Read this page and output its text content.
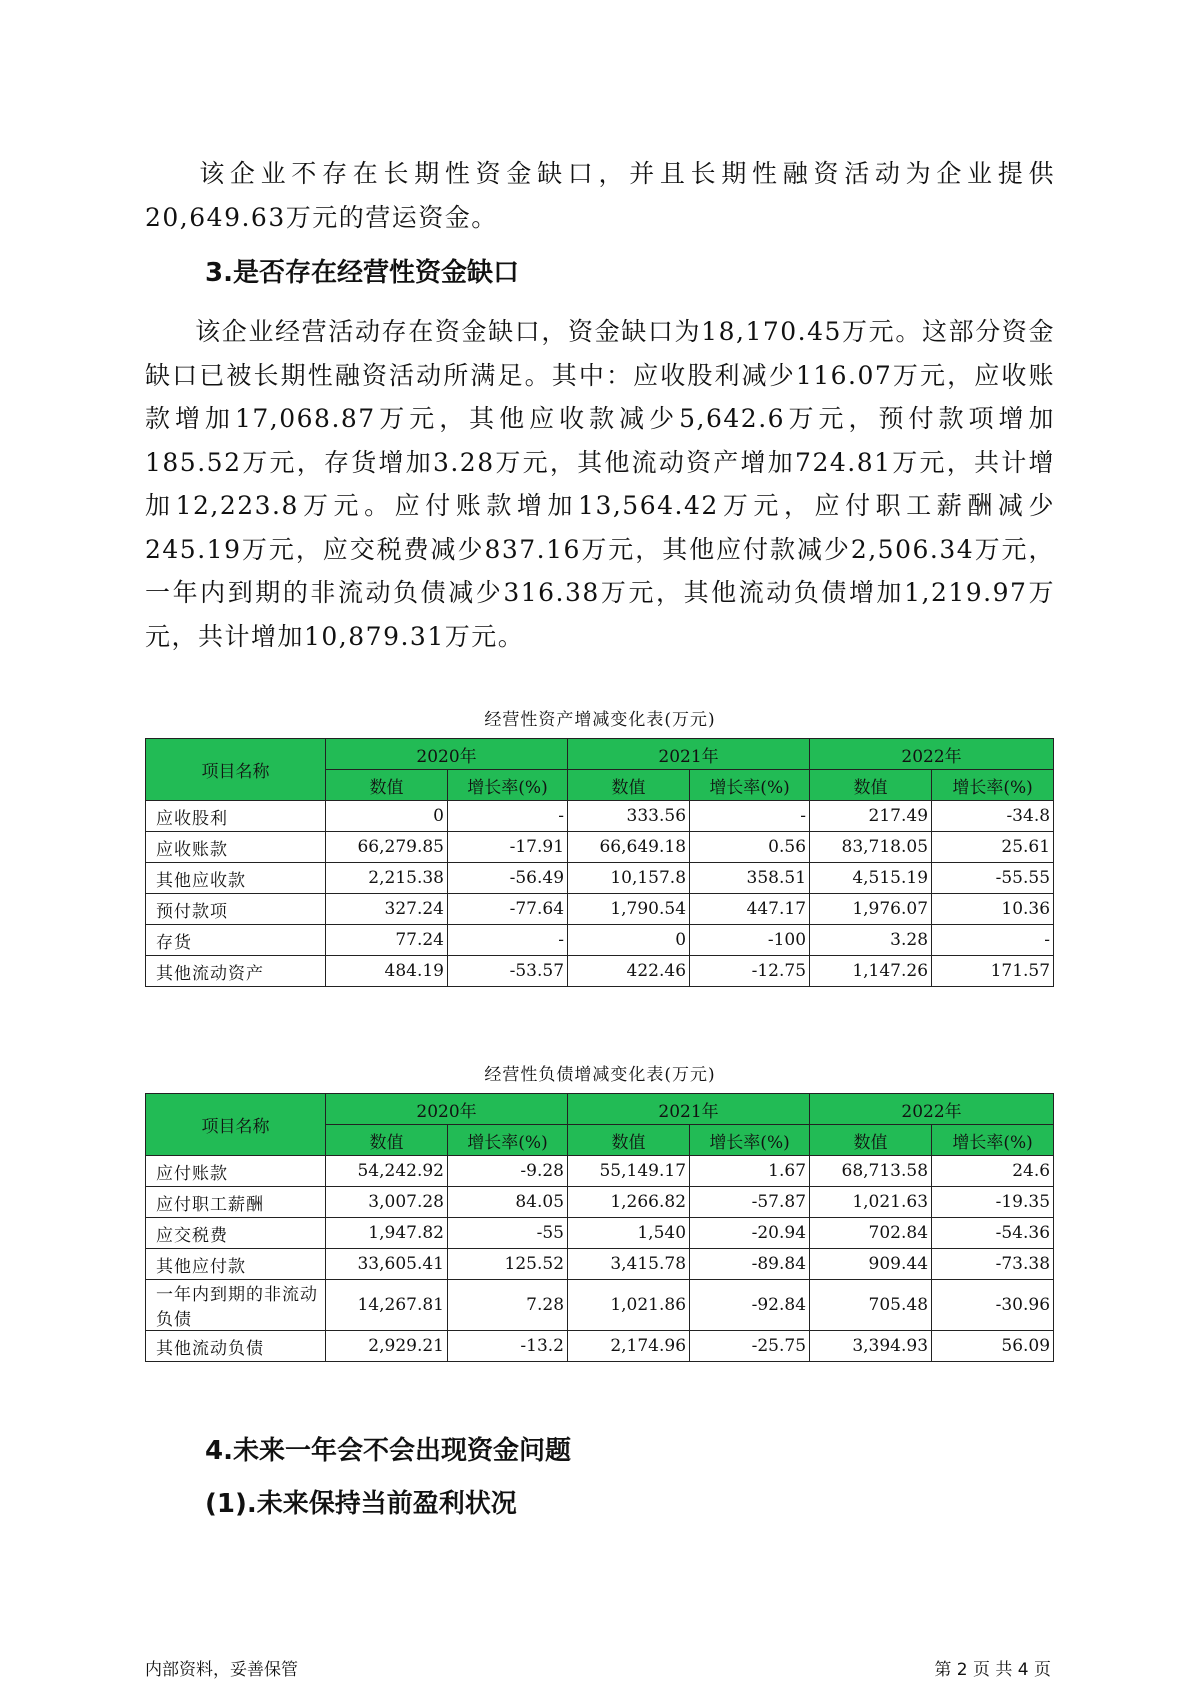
该企业不存在长期性资金缺口，并且长期性融资活动为企业提供20,649.63万元的营运资金。

3.是否存在经营性资金缺口

该企业经营活动存在资金缺口，资金缺口为18,170.45万元。这部分资金缺口已被长期性融资活动所满足。其中：应收股利减少116.07万元，应收账款增加17,068.87万元，其他应收款减少5,642.6万元，预付款项增加185.52万元，存货增加3.28万元，其他流动资产增加724.81万元，共计增加12,223.8万元。应付账款增加13,564.42万元，应付职工薪酬减少245.19万元，应交税费减少837.16万元，其他应付款减少2,506.34万元，一年内到期的非流动负债减少316.38万元，其他流动负债增加1,219.97万元，共计增加10,879.31万元。

经营性资产增减变化表(万元)

项目名称	2020年		2021年		2022年	
	数值	增长率(%)	数值	增长率(%)	数值	增长率(%)
应收股利	0	-	333.56	-	217.49	-34.8
应收账款	66,279.85	-17.91	66,649.18	0.56	83,718.05	25.61
其他应收款	2,215.38	-56.49	10,157.8	358.51	4,515.19	-55.55
预付款项	327.24	-77.64	1,790.54	447.17	1,976.07	10.36
存货	77.24	-	0	-100	3.28	-
其他流动资产	484.19	-53.57	422.46	-12.75	1,147.26	171.57

经营性负债增减变化表(万元)

项目名称	2020年		2021年		2022年	
	数值	增长率(%)	数值	增长率(%)	数值	增长率(%)
应付账款	54,242.92	-9.28	55,149.17	1.67	68,713.58	24.6
应付职工薪酬	3,007.28	84.05	1,266.82	-57.87	1,021.63	-19.35
应交税费	1,947.82	-55	1,540	-20.94	702.84	-54.36
其他应付款	33,605.41	125.52	3,415.78	-89.84	909.44	-73.38
一年内到期的非流动负债	14,267.81	7.28	1,021.86	-92.84	705.48	-30.96
其他流动负债	2,929.21	-13.2	2,174.96	-25.75	3,394.93	56.09
4.未来一年会不会出现资金问题
(1).未来保持当前盈利状况
内部资料，妥善保管	第 2 页 共 4 页
